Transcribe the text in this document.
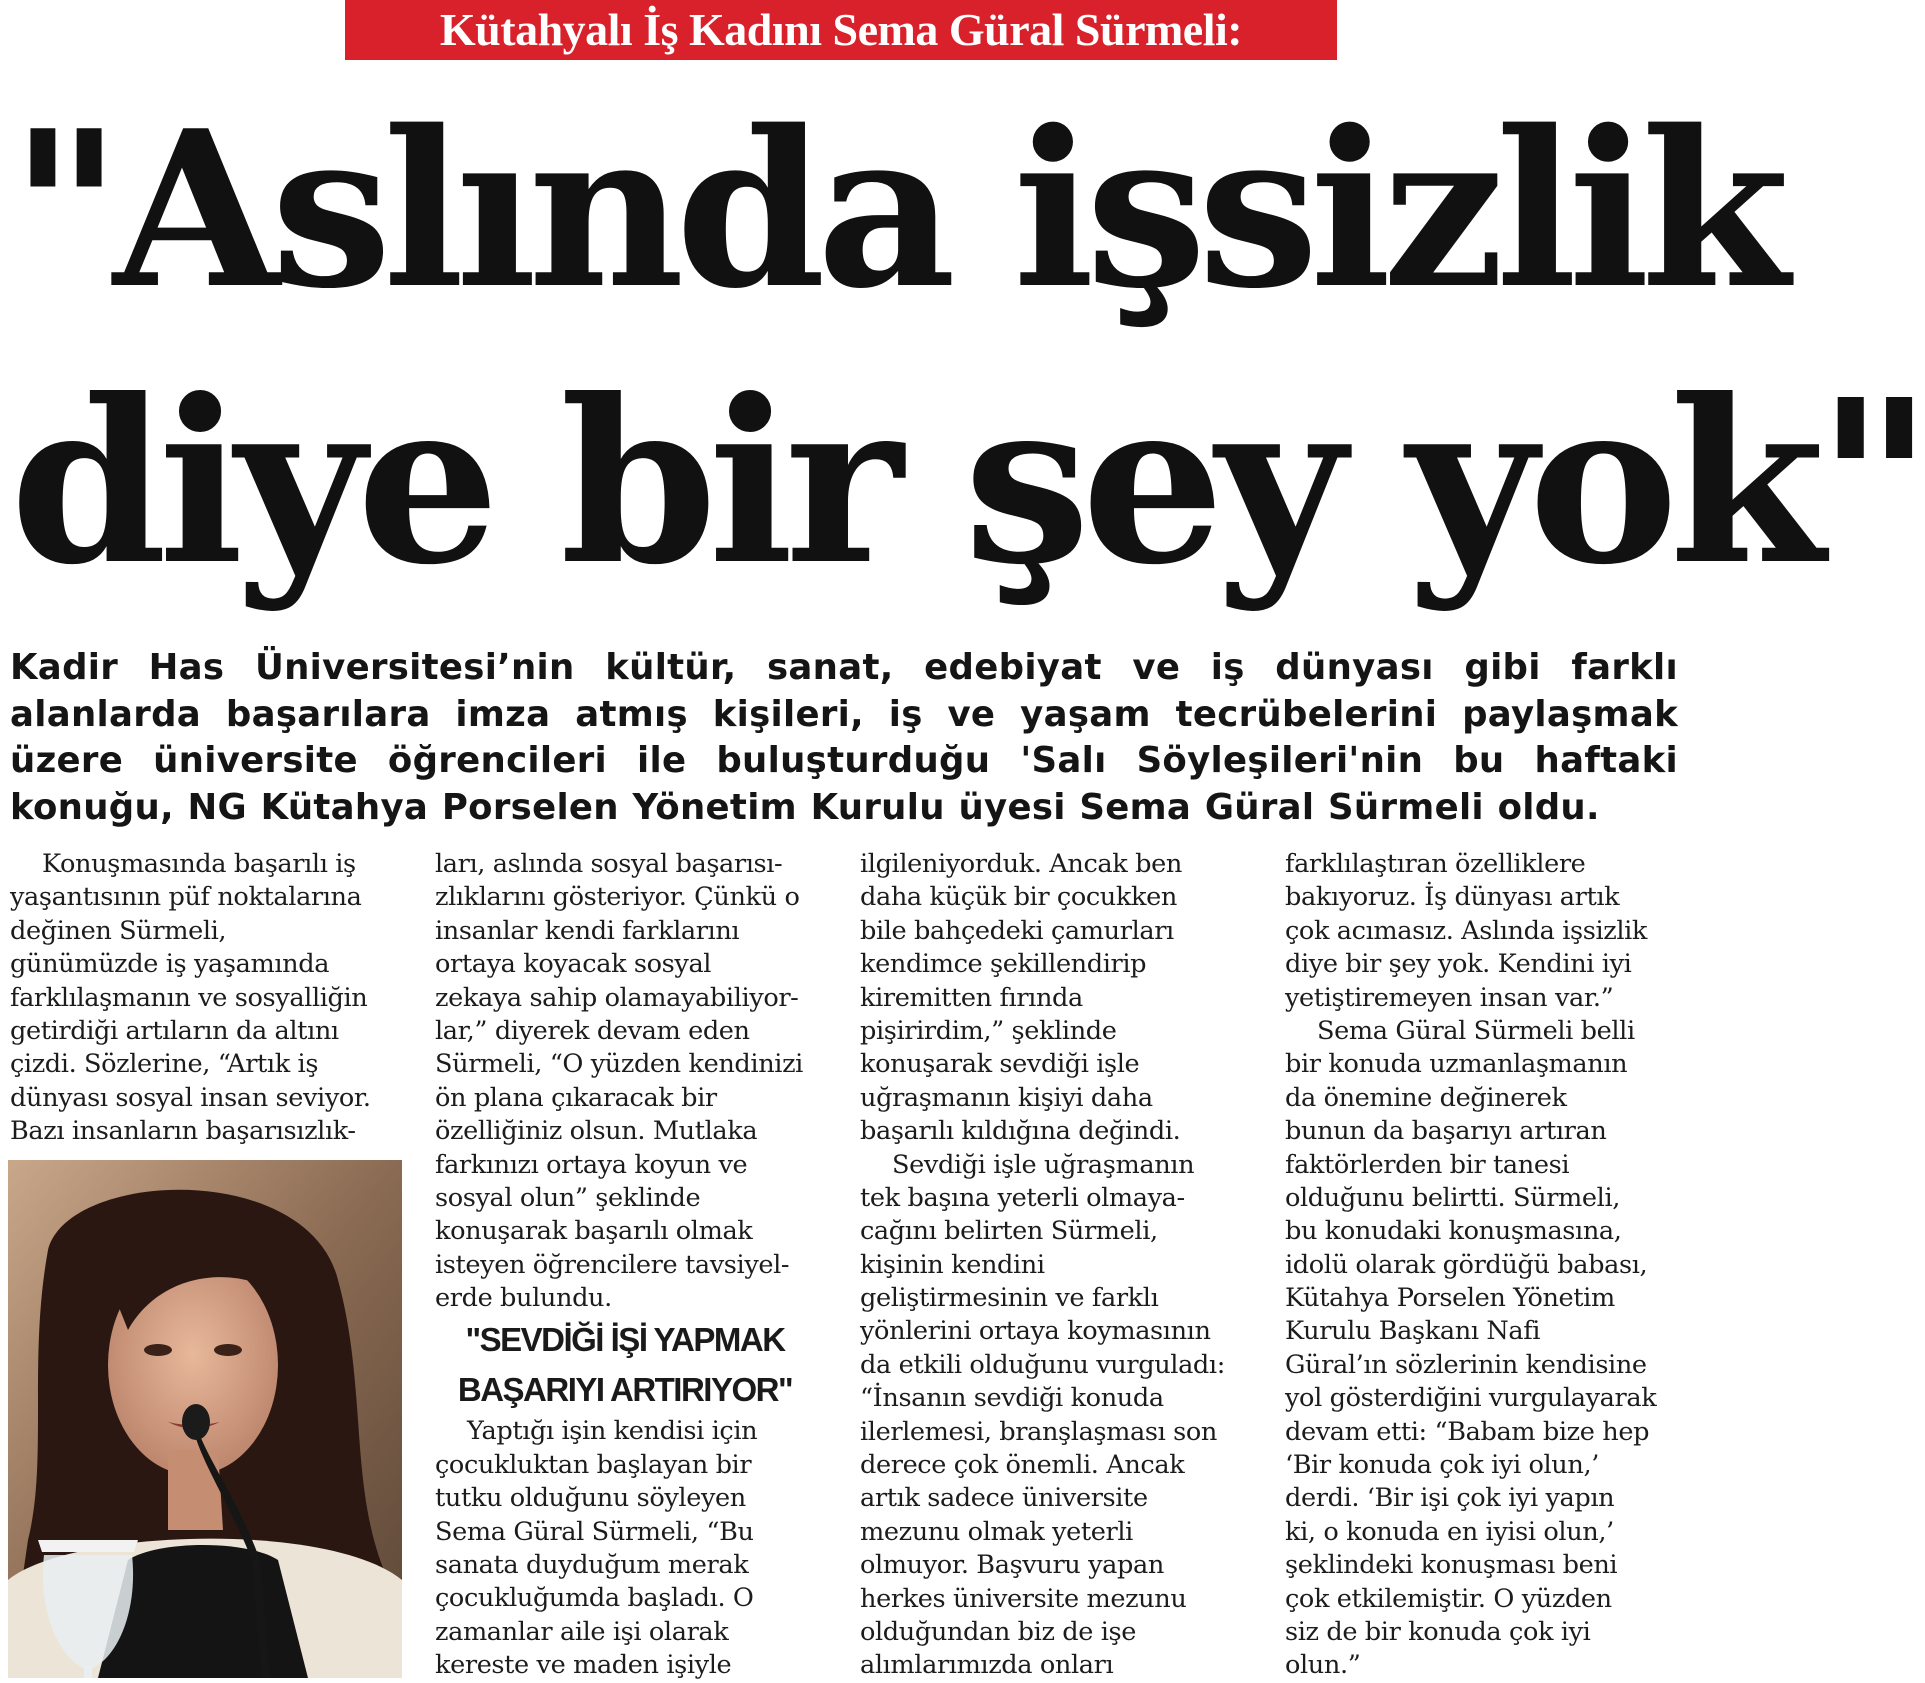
Kütahyalı İş Kadını Sema Güral Sürmeli:
"Aslında işsizlik
diye bir şey yok"
Kadir Has Üniversitesi’nin kültür, sanat, edebiyat ve iş dünyası gibi farklı alanlarda başarılara imza atmış kişileri, iş ve yaşam tecrübelerini paylaşmak üzere üniversite öğrencileri ile buluşturduğu 'Salı Söyleşileri'nin bu haftaki konuğu, NG Kütahya Porselen Yönetim Kurulu üyesi Sema Güral Sürmeli oldu.
Konuşmasında başarılı iş
yaşantısının püf noktalarına
değinen Sürmeli,
günümüzde iş yaşamında
farklılaşmanın ve sosyalliğin
getirdiği artıların da altını
çizdi. Sözlerine, “Artık iş
dünyası sosyal insan seviyor.
Bazı insanların başarısızlık-
ları, aslında sosyal başarısı-
zlıklarını gösteriyor. Çünkü o
insanlar kendi farklarını
ortaya koyacak sosyal
zekaya sahip olamayabiliyor-
lar,” diyerek devam eden
Sürmeli, “O yüzden kendinizi
ön plana çıkaracak bir
özelliğiniz olsun. Mutlaka
farkınızı ortaya koyun ve
sosyal olun” şeklinde
konuşarak başarılı olmak
isteyen öğrencilere tavsiyel-
erde bulundu.
"SEVDİĞİ İŞİ YAPMAK
BAŞARIYI ARTIRIYOR"
Yaptığı işin kendisi için
çocukluktan başlayan bir
tutku olduğunu söyleyen
Sema Güral Sürmeli, “Bu
sanata duyduğum merak
çocukluğumda başladı. O
zamanlar aile işi olarak
kereste ve maden işiyle
ilgileniyorduk. Ancak ben
daha küçük bir çocukken
bile bahçedeki çamurları
kendimce şekillendirip
kiremitten fırında
pişirirdim,” şeklinde
konuşarak sevdiği işle
uğraşmanın kişiyi daha
başarılı kıldığına değindi.
Sevdiği işle uğraşmanın
tek başına yeterli olmaya-
cağını belirten Sürmeli,
kişinin kendini
geliştirmesinin ve farklı
yönlerini ortaya koymasının
da etkili olduğunu vurguladı:
“İnsanın sevdiği konuda
ilerlemesi, branşlaşması son
derece çok önemli. Ancak
artık sadece üniversite
mezunu olmak yeterli
olmuyor. Başvuru yapan
herkes üniversite mezunu
olduğundan biz de işe
alımlarımızda onları
farklılaştıran özelliklere
bakıyoruz. İş dünyası artık
çok acımasız. Aslında işsizlik
diye bir şey yok. Kendini iyi
yetiştiremeyen insan var.”
Sema Güral Sürmeli belli
bir konuda uzmanlaşmanın
da önemine değinerek
bunun da başarıyı artıran
faktörlerden bir tanesi
olduğunu belirtti. Sürmeli,
bu konudaki konuşmasına,
idolü olarak gördüğü babası,
Kütahya Porselen Yönetim
Kurulu Başkanı Nafi
Güral’ın sözlerinin kendisine
yol gösterdiğini vurgulayarak
devam etti: “Babam bize hep
‘Bir konuda çok iyi olun,’
derdi. ‘Bir işi çok iyi yapın
ki, o konuda en iyisi olun,’
şeklindeki konuşması beni
çok etkilemiştir. O yüzden
siz de bir konuda çok iyi
olun.”
